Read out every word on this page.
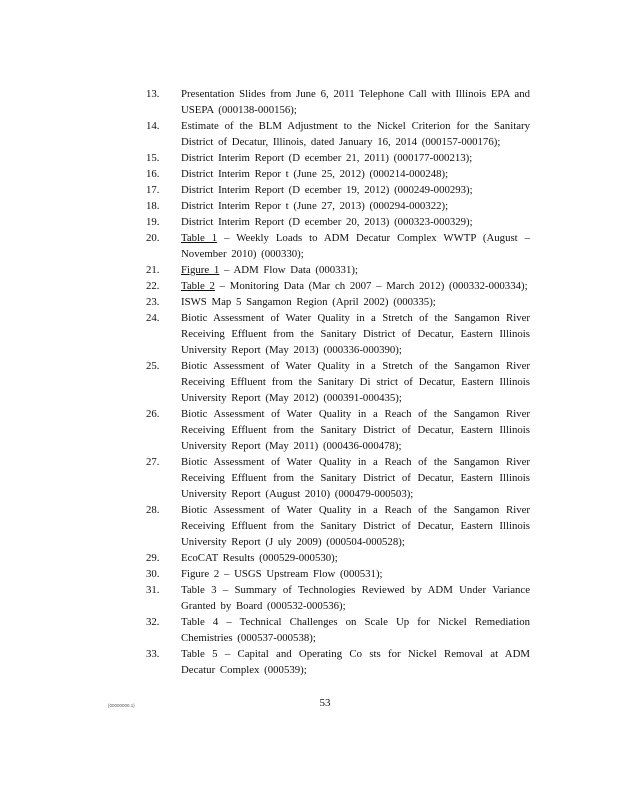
13.	Presentation Slides from June 6, 2011 Telephone Call with Illinois EPA and USEPA (000138-000156);
14.	Estimate of the BLM Adjustment to the Nickel Criterion for the Sanitary District of Decatur, Illinois, dated January 16, 2014 (000157-000176);
15.	District Interim Report (D ecember 21, 2011) (000177-000213);
16.	District Interim Repor t (June 25, 2012) (000214-000248);
17.	District Interim Report (D ecember 19, 2012) (000249-000293);
18.	District Interim Repor t (June 27, 2013) (000294-000322);
19.	District Interim Report (D ecember 20, 2013) (000323-000329);
20.	Table 1 – Weekly Loads to ADM Decatur Complex WWTP (August – November 2010) (000330);
21.	Figure 1 – ADM Flow Data (000331);
22.	Table 2 – Monitoring Data (Mar ch 2007 – March 2012) (000332-000334);
23.	ISWS Map 5 Sangamon Region (April 2002) (000335);
24.	Biotic Assessment of Water Quality in a Stretch of the Sangamon River Receiving Effluent from the Sanitary District of Decatur, Eastern Illinois University Report (May 2013) (000336-000390);
25.	Biotic Assessment of Water Quality in a Stretch of the Sangamon River Receiving Effluent from the Sanitary Di strict of Decatur, Eastern Illinois University Report (May 2012) (000391-000435);
26.	Biotic Assessment of Water Quality in a Reach of the Sangamon River Receiving Effluent from the Sanitary District of Decatur, Eastern Illinois University Report (May 2011) (000436-000478);
27.	Biotic Assessment of Water Quality in a Reach of the Sangamon River Receiving Effluent from the Sanitary District of Decatur, Eastern Illinois University Report (August 2010) (000479-000503);
28.	Biotic Assessment of Water Quality in a Reach of the Sangamon River Receiving Effluent from the Sanitary District of Decatur, Eastern Illinois University Report (J uly 2009) (000504-000528);
29.	EcoCAT Results (000529-000530);
30.	Figure 2 – USGS Upstream Flow (000531);
31.	Table 3 – Summary of Technologies Reviewed by ADM Under Variance Granted by Board (000532-000536);
32.	Table 4 – Technical Challenges on Scale Up for Nickel Remediation Chemistries (000537-000538);
33.	Table 5 – Capital and Operating Co sts for Nickel Removal at ADM Decatur Complex (000539);
{00000000.1}	53
